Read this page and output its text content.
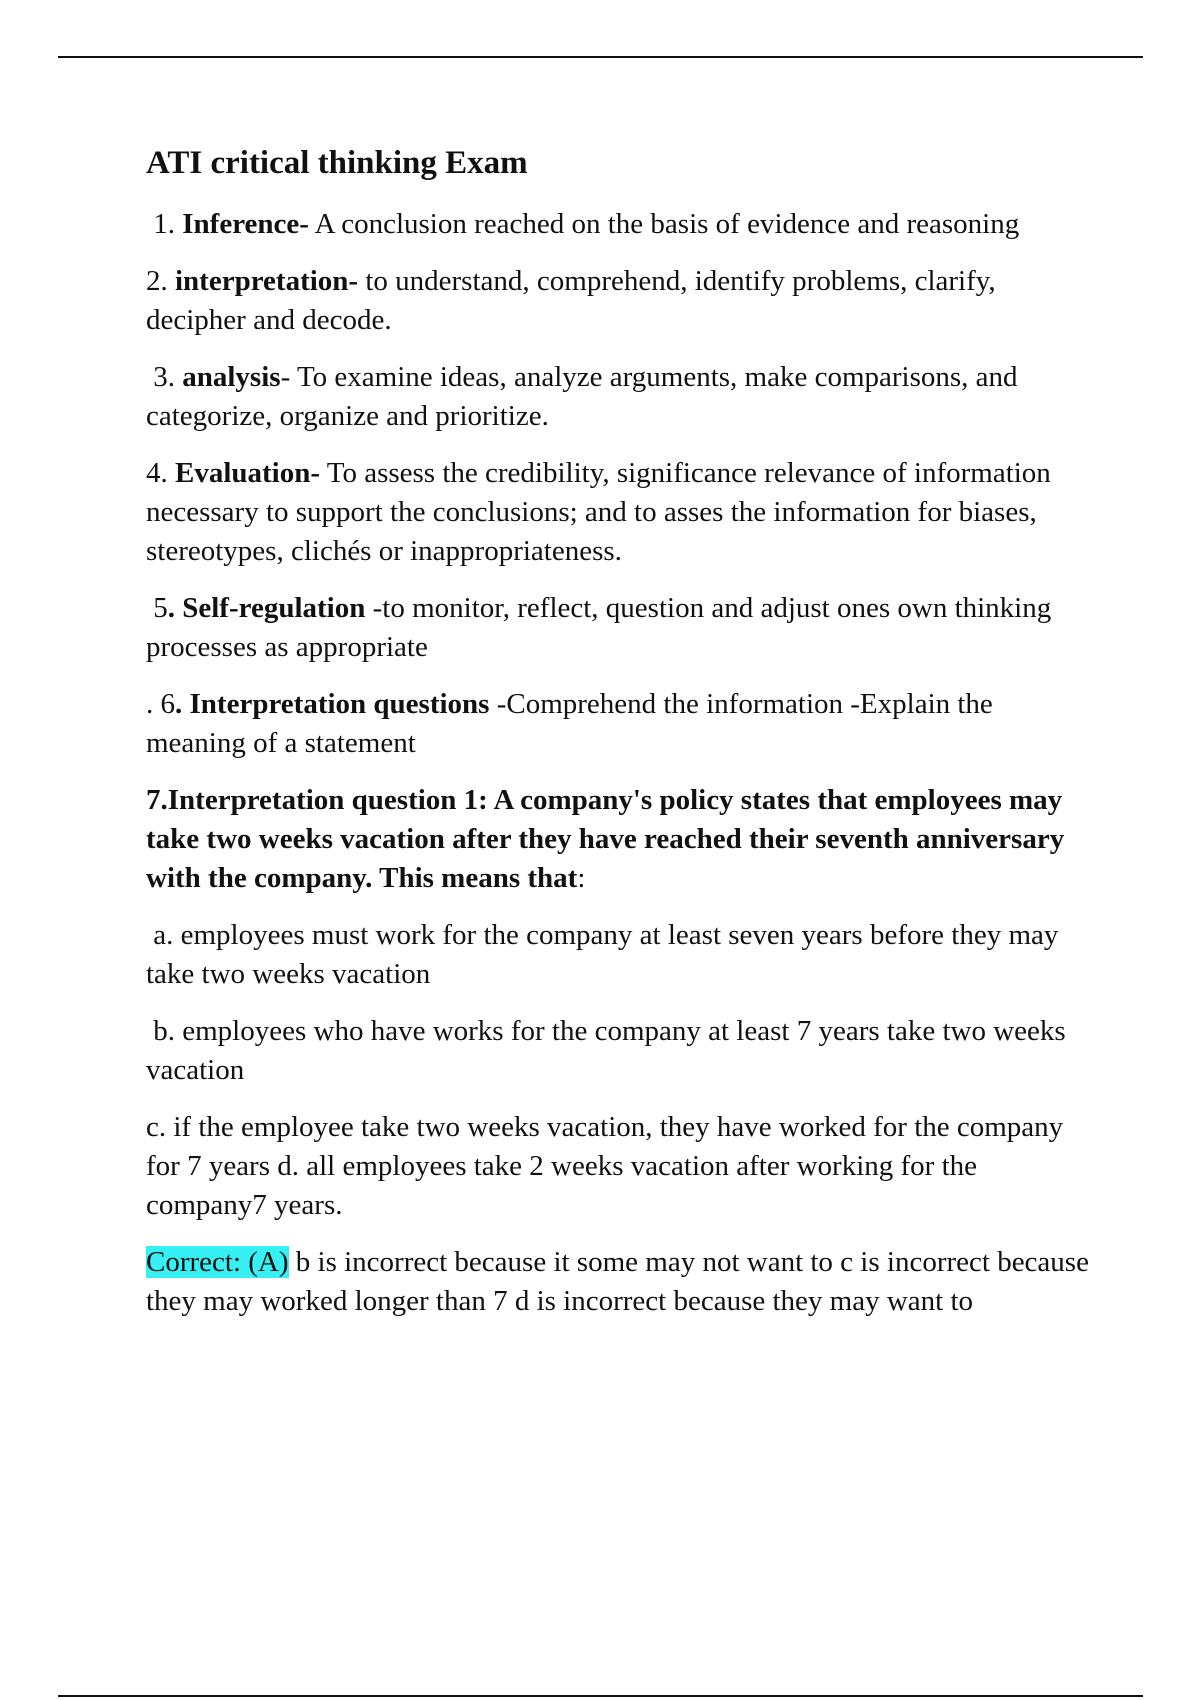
ATI critical thinking Exam
1. Inference- A conclusion reached on the basis of evidence and reasoning
2. interpretation- to understand, comprehend, identify problems, clarify, decipher and decode.
3. analysis- To examine ideas, analyze arguments, make comparisons, and categorize, organize and prioritize.
4. Evaluation- To assess the credibility, significance relevance of information necessary to support the conclusions; and to asses the information for biases, stereotypes, clichés or inappropriateness.
5. Self-regulation -to monitor, reflect, question and adjust ones own thinking processes as appropriate
. 6. Interpretation questions -Comprehend the information -Explain the meaning of a statement
7.Interpretation question 1: A company's policy states that employees may take two weeks vacation after they have reached their seventh anniversary with the company. This means that:
a. employees must work for the company at least seven years before they may take two weeks vacation
b. employees who have works for the company at least 7 years take two weeks vacation
c. if the employee take two weeks vacation, they have worked for the company for 7 years d. all employees take 2 weeks vacation after working for the company7 years.
Correct: (A) b is incorrect because it some may not want to c is incorrect because they may worked longer than 7 d is incorrect because they may want to
